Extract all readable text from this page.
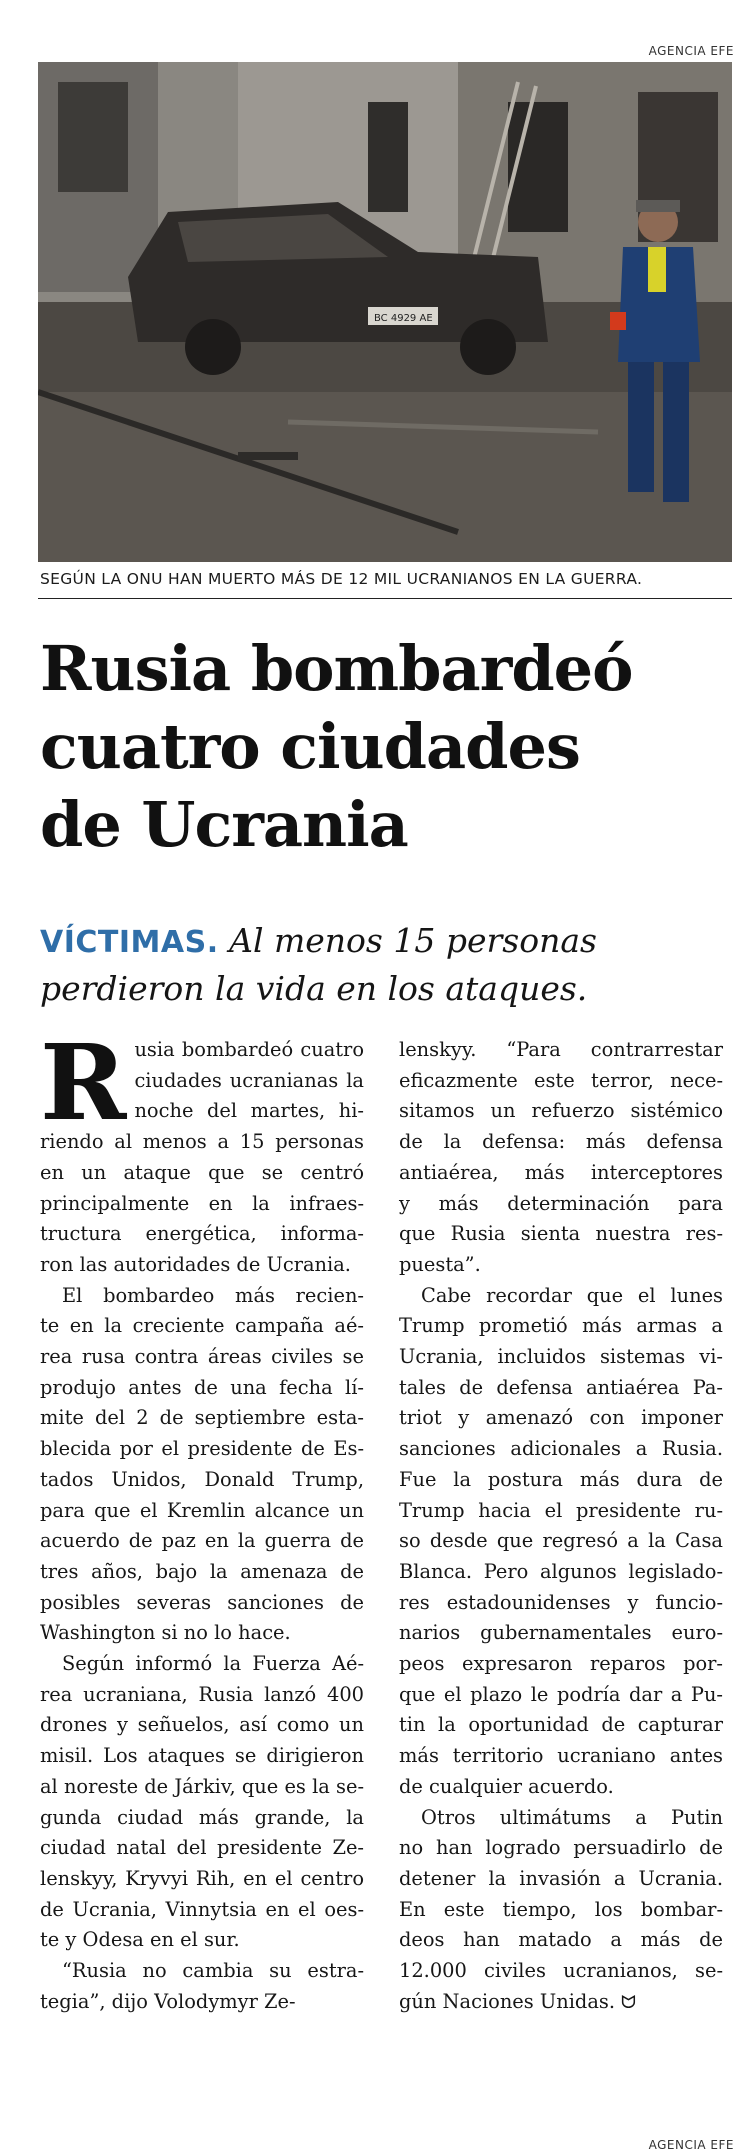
AGENCIA EFE
BC 4929 AE
SEGÚN LA ONU HAN MUERTO MÁS DE 12 MIL UCRANIANOS EN LA GUERRA.
Rusia bombardeó
cuatro ciudades
de Ucrania
VÍCTIMAS. Al menos 15 personas
perdieron la vida en los ataques.
R usia bombardeó cuatro
ciudades ucranianas la
noche del martes, hi-
riendo al menos a 15 personas
en un ataque que se centró
principalmente en la infraes-
tructura energética, informa-
ron las autoridades de Ucrania.
El bombardeo más recien-
te en la creciente campaña aé-
rea rusa contra áreas civiles se
produjo antes de una fecha lí-
mite del 2 de septiembre esta-
blecida por el presidente de Es-
tados Unidos, Donald Trump,
para que el Kremlin alcance un
acuerdo de paz en la guerra de
tres años, bajo la amenaza de
posibles severas sanciones de
Washington si no lo hace.
Según informó la Fuerza Aé-
rea ucraniana, Rusia lanzó 400
drones y señuelos, así como un
misil. Los ataques se dirigieron
al noreste de Járkiv, que es la se-
gunda ciudad más grande, la
ciudad natal del presidente Ze-
lenskyy, Kryvyi Rih, en el centro
de Ucrania, Vinnytsia en el oes-
te y Odesa en el sur.
“Rusia no cambia su estra-
tegia”, dijo Volodymyr Ze-
lenskyy. “Para contrarrestar
eficazmente este terror, nece-
sitamos un refuerzo sistémico
de la defensa: más defensa
antiaérea, más interceptores
y más determinación para
que Rusia sienta nuestra res-
puesta”.
Cabe recordar que el lunes
Trump prometió más armas a
Ucrania, incluidos sistemas vi-
tales de defensa antiaérea Pa-
triot y amenazó con imponer
sanciones adicionales a Rusia.
Fue la postura más dura de
Trump hacia el presidente ru-
so desde que regresó a la Casa
Blanca. Pero algunos legislado-
res estadounidenses y funcio-
narios gubernamentales euro-
peos expresaron reparos por-
que el plazo le podría dar a Pu-
tin la oportunidad de capturar
más territorio ucraniano antes
de cualquier acuerdo.
Otros ultimátums a Putin
no han logrado persuadirlo de
detener la invasión a Ucrania.
En este tiempo, los bombar-
deos han matado a más de
12.000 civiles ucranianos, se-
gún Naciones Unidas. ᗢ
AGENCIA EFE
